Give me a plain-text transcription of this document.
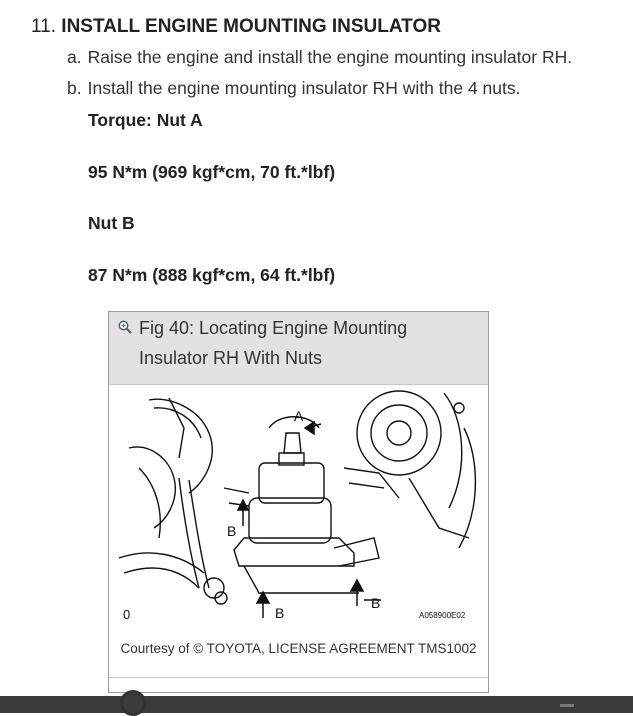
11. INSTALL ENGINE MOUNTING INSULATOR
a. Raise the engine and install the engine mounting insulator RH.
b. Install the engine mounting insulator RH with the 4 nuts.
Torque: Nut A
95 N*m (969 kgf*cm, 70 ft.*lbf)
Nut B
87 N*m (888 kgf*cm, 64 ft.*lbf)
Fig 40: Locating Engine Mounting
Insulator RH With Nuts
A
B
B
B
0	A058900E02
Courtesy of © TOYOTA, LICENSE AGREEMENT TMS1002
